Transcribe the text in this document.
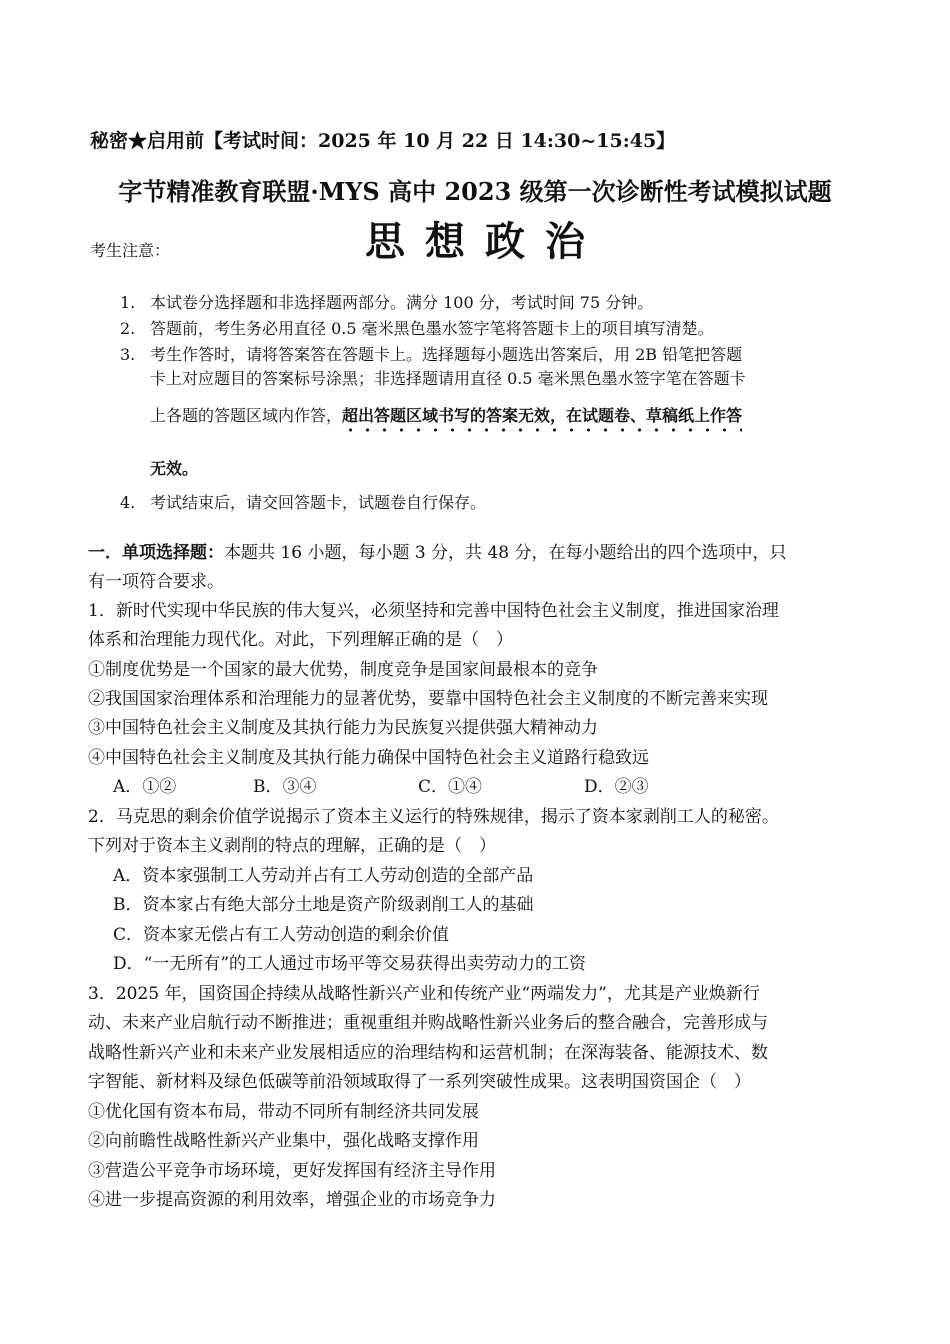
秘密★启用前【考试时间：2025 年 10 月 22 日 14:30~15:45】
字节精准教育联盟·MYS 高中 2023 级第一次诊断性考试模拟试题
思想政治
考生注意：
1. 本试卷分选择题和非选择题两部分。满分 100 分，考试时间 75 分钟。
2. 答题前，考生务必用直径 0.5 毫米黑色墨水签字笔将答题卡上的项目填写清楚。
3. 考生作答时，请将答案答在答题卡上。选择题每小题选出答案后，用 2B 铅笔把答题
卡上对应题目的答案标号涂黑；非选择题请用直径 0.5 毫米黑色墨水签字笔在答题卡
上各题的答题区域内作答，超出答题区域书写的答案无效，在试题卷、草稿纸上作答
无效。
4. 考试结束后，请交回答题卡，试题卷自行保存。
一．单项选择题：本题共 16 小题，每小题 3 分，共 48 分，在每小题给出的四个选项中，只
有一项符合要求。
1．新时代实现中华民族的伟大复兴，必须坚持和完善中国特色社会主义制度，推进国家治理
体系和治理能力现代化。对此，下列理解正确的是（　）
①制度优势是一个国家的最大优势，制度竞争是国家间最根本的竞争
②我国国家治理体系和治理能力的显著优势，要靠中国特色社会主义制度的不断完善来实现
③中国特色社会主义制度及其执行能力为民族复兴提供强大精神动力
④中国特色社会主义制度及其执行能力确保中国特色社会主义道路行稳致远
A．①②	B．③④	C．①④	D．②③
2．马克思的剩余价值学说揭示了资本主义运行的特殊规律，揭示了资本家剥削工人的秘密。
下列对于资本主义剥削的特点的理解，正确的是（　）
A．资本家强制工人劳动并占有工人劳动创造的全部产品
B．资本家占有绝大部分土地是资产阶级剥削工人的基础
C．资本家无偿占有工人劳动创造的剩余价值
D．“一无所有”的工人通过市场平等交易获得出卖劳动力的工资
3．2025 年，国资国企持续从战略性新兴产业和传统产业“两端发力”，尤其是产业焕新行
动、未来产业启航行动不断推进；重视重组并购战略性新兴业务后的整合融合，完善形成与
战略性新兴产业和未来产业发展相适应的治理结构和运营机制；在深海装备、能源技术、数
字智能、新材料及绿色低碳等前沿领域取得了一系列突破性成果。这表明国资国企（　）
①优化国有资本布局，带动不同所有制经济共同发展
②向前瞻性战略性新兴产业集中，强化战略支撑作用
③营造公平竞争市场环境，更好发挥国有经济主导作用
④进一步提高资源的利用效率，增强企业的市场竞争力
